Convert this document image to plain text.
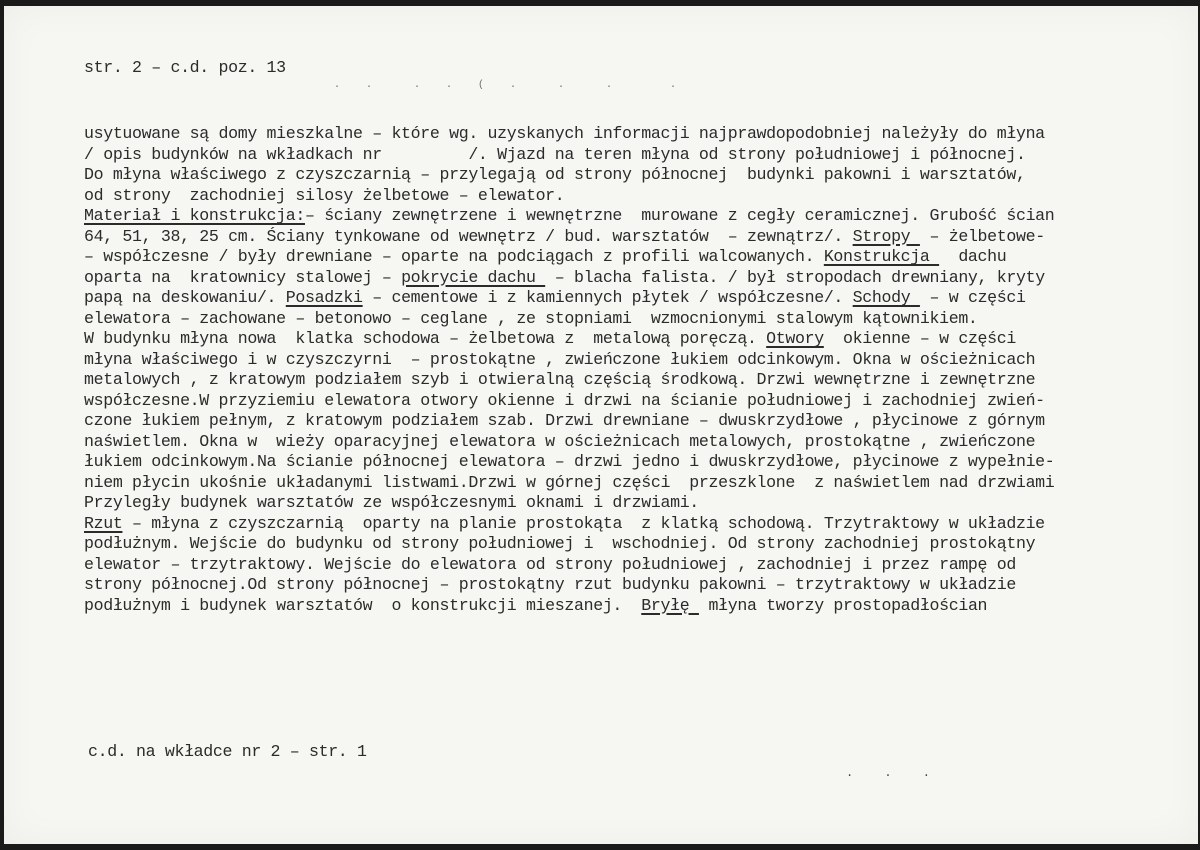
str. 2 – c.d. poz. 13
. .  . . ( .  .  .   .
usytuowane są domy mieszkalne – które wg. uzyskanych informacji najprawdopodobniej należyły do młyna
/ opis budynków na wkładkach nr         /. Wjazd na teren młyna od strony południowej i północnej.
Do młyna właściwego z czyszczarnią – przylegają od strony północnej  budynki pakowni i warsztatów,
od strony  zachodniej silosy żelbetowe – elewator.
Materiał i konstrukcja:– ściany zewnętrzene i wewnętrzne  murowane z cegły ceramicznej. Grubość ścian
64, 51, 38, 25 cm. Ściany tynkowane od wewnętrz / bud. warsztatów  – zewnątrz/. Stropy  – żelbetowe-
– współczesne / były drewniane – oparte na podciągach z profili walcowanych. Konstrukcja   dachu
oparta na  kratownicy stalowej – pokrycie dachu  – blacha falista. / był stropodach drewniany, kryty
papą na deskowaniu/. Posadzki – cementowe i z kamiennych płytek / współczesne/. Schody  – w części
elewatora – zachowane – betonowo – ceglane , ze stopniami  wzmocnionymi stalowym kątownikiem.
W budynku młyna nowa  klatka schodowa – żelbetowa z  metalową poręczą. Otwory  okienne – w części
młyna właściwego i w czyszczyrni  – prostokątne , zwieńczone łukiem odcinkowym. Okna w ościeżnicach
metalowych , z kratowym podziałem szyb i otwieralną częścią środkową. Drzwi wewnętrzne i zewnętrzne
współczesne.W przyziemiu elewatora otwory okienne i drzwi na ścianie południowej i zachodniej zwień-
czone łukiem pełnym, z kratowym podziałem szab. Drzwi drewniane – dwuskrzydłowe , płycinowe z górnym
naświetlem. Okna w  wieży oparacyjnej elewatora w ościeżnicach metalowych, prostokątne , zwieńczone
łukiem odcinkowym.Na ścianie północnej elewatora – drzwi jedno i dwuskrzydłowe, płycinowe z wypełnie-
niem płycin ukośnie układanymi listwami.Drzwi w górnej części  przeszklone  z naświetlem nad drzwiami
Przyległy budynek warsztatów ze współczesnymi oknami i drzwiami.
Rzut – młyna z czyszczarnią  oparty na planie prostokąta  z klatką schodową. Trzytraktowy w układzie
podłużnym. Wejście do budynku od strony południowej i  wschodniej. Od strony zachodniej prostokątny
elewator – trzytraktowy. Wejście do elewatora od strony południowej , zachodniej i przez rampę od
strony północnej.Od strony północnej – prostokątny rzut budynku pakowni – trzytraktowy w układzie
podłużnym i budynek warsztatów  o konstrukcji mieszanej.  Bryłę  młyna tworzy prostopadłościan
c.d. na wkładce nr 2 – str. 1
. . .
